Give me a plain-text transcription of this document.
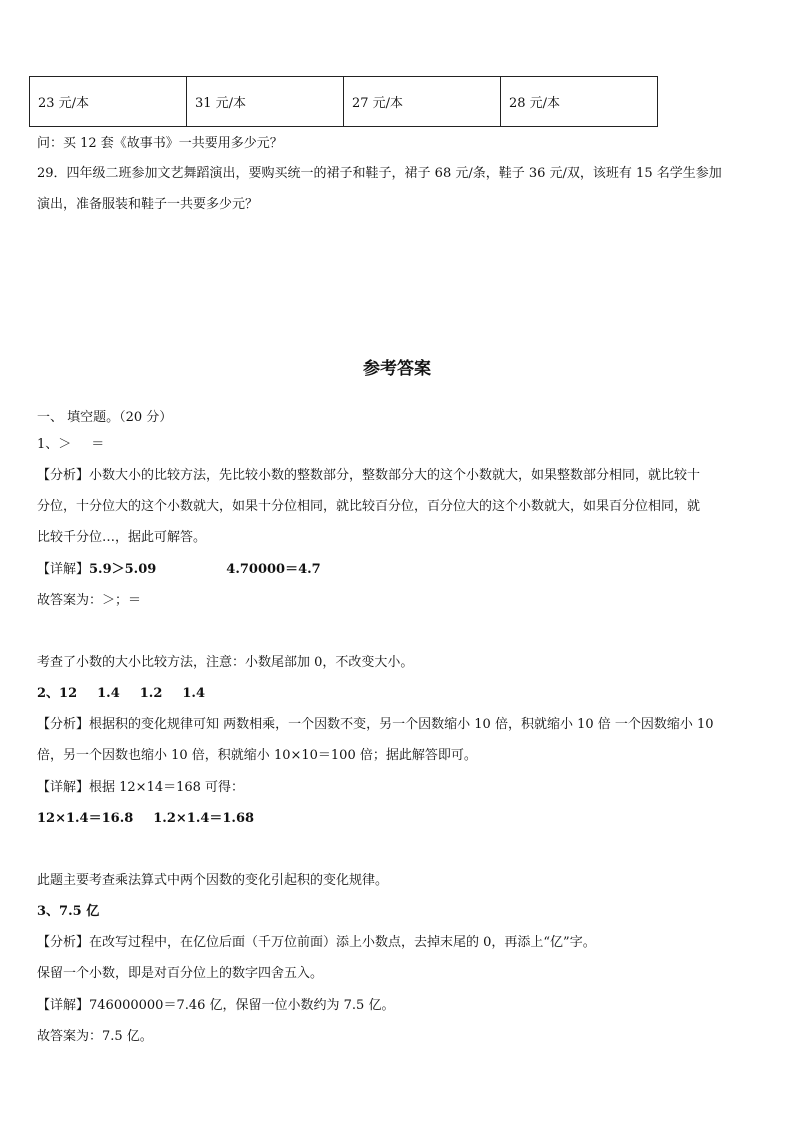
23 元/本	31 元/本	27 元/本	28 元/本
问：买 12 套《故事书》一共要用多少元？
29．四年级二班参加文艺舞蹈演出，要购买统一的裙子和鞋子，裙子 68 元/条，鞋子 36 元/双，该班有 15 名学生参加
演出，准备服装和鞋子一共要多少元？
参考答案
一、 填空题。（20 分）
1、＞ ＝
【分析】小数大小的比较方法，先比较小数的整数部分，整数部分大的这个小数就大，如果整数部分相同，就比较十
分位，十分位大的这个小数就大，如果十分位相同，就比较百分位，百分位大的这个小数就大，如果百分位相同，就
比较千分位…，据此可解答。
【详解】5.9＞5.09	4.70000＝4.7
故答案为：＞；＝
考查了小数的大小比较方法，注意：小数尾部加 0，不改变大小。
2、12 1.4 1.2 1.4
【分析】根据积的变化规律可知 两数相乘，一个因数不变，另一个因数缩小 10 倍，积就缩小 10 倍 一个因数缩小 10
倍，另一个因数也缩小 10 倍，积就缩小 10×10＝100 倍；据此解答即可。
【详解】根据 12×14＝168 可得：
12×1.4＝16.8 1.2×1.4＝1.68
此题主要考查乘法算式中两个因数的变化引起积的变化规律。
3、7.5 亿
【分析】在改写过程中，在亿位后面（千万位前面）添上小数点，去掉末尾的 0，再添上“亿”字。
保留一个小数，即是对百分位上的数字四舍五入。
【详解】746000000＝7.46 亿，保留一位小数约为 7.5 亿。
故答案为：7.5 亿。
